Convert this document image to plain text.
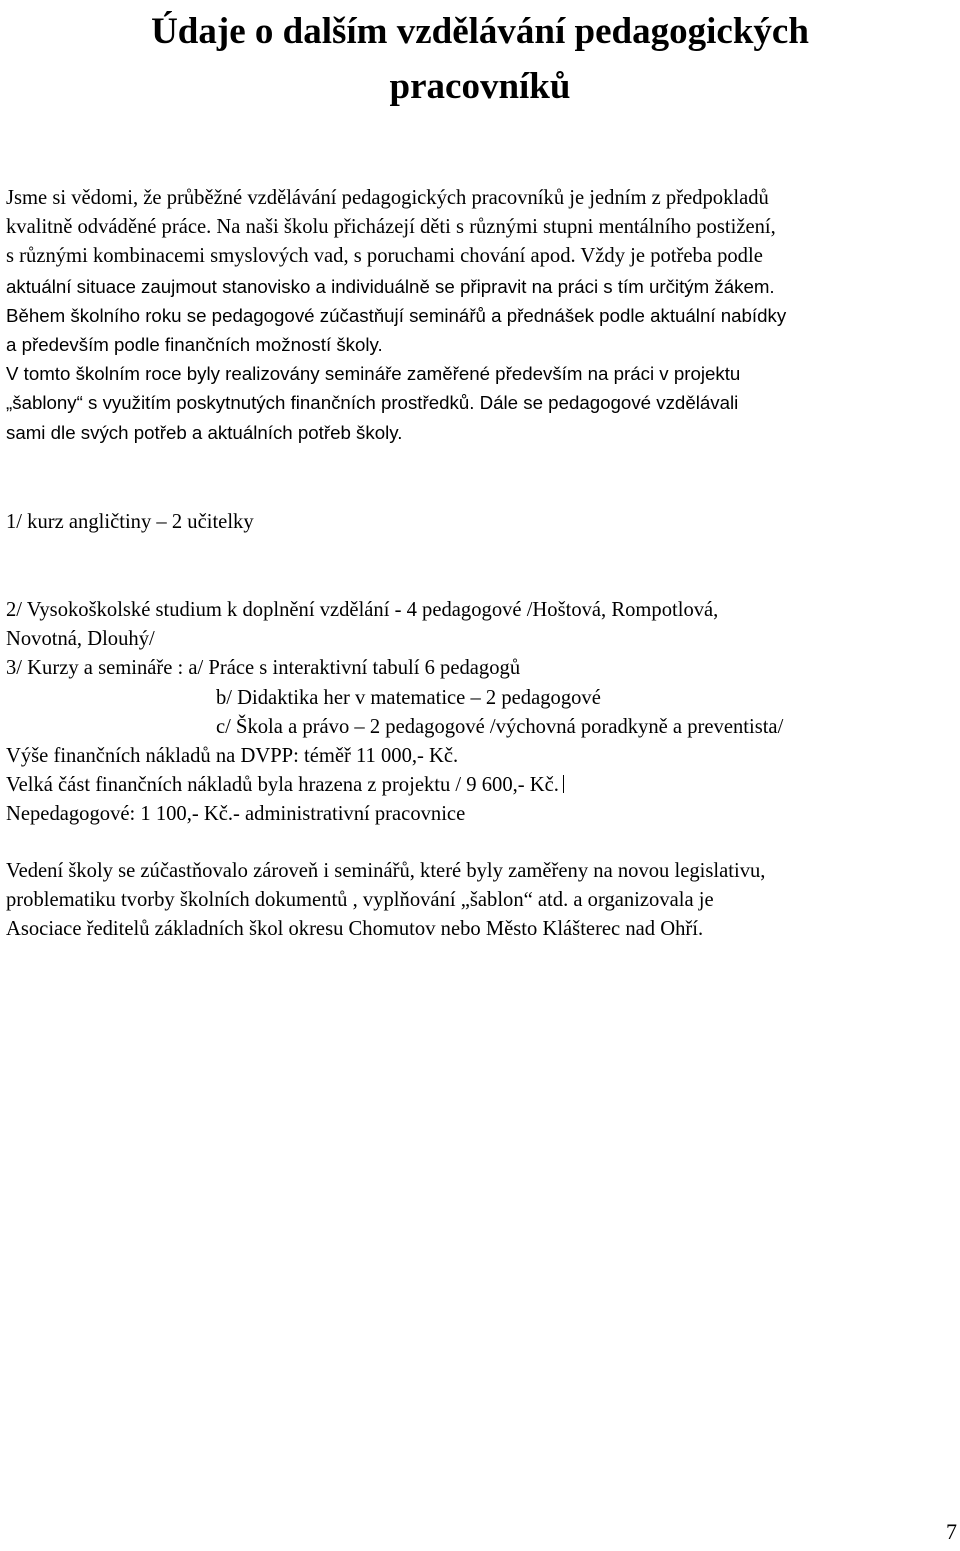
Údaje o dalším vzdělávání pedagogických
pracovníků
Jsme si vědomi, že průběžné vzdělávání pedagogických pracovníků je jedním z předpokladů
kvalitně odváděné práce. Na naši školu přicházejí děti s různými stupni mentálního postižení,
s různými kombinacemi smyslových vad, s poruchami chování apod. Vždy je potřeba podle
aktuální situace zaujmout stanovisko a individuálně se připravit na práci s tím určitým žákem.
Během školního roku se pedagogové zúčastňují seminářů a přednášek podle aktuální nabídky
a především podle finančních možností školy.
V tomto školním roce byly realizovány semináře zaměřené především na práci v projektu
„šablony“ s využitím poskytnutých finančních prostředků. Dále se pedagogové vzdělávali
sami dle svých potřeb a aktuálních potřeb školy.
1/ kurz angličtiny – 2 učitelky
2/ Vysokoškolské studium k doplnění vzdělání - 4 pedagogové /Hoštová, Rompotlová,
Novotná, Dlouhý/
3/ Kurzy a semináře : a/ Práce s interaktivní tabulí 6 pedagogů
b/ Didaktika her v matematice – 2 pedagogové
c/ Škola a právo – 2 pedagogové /výchovná poradkyně a preventista/
Výše finančních nákladů na DVPP: téměř 11 000,- Kč.
Velká část finančních nákladů byla hrazena z projektu / 9 600,- Kč.
Nepedagogové: 1 100,- Kč.- administrativní pracovnice
Vedení školy se zúčastňovalo zároveň i seminářů, které byly zaměřeny na novou legislativu,
problematiku tvorby školních dokumentů , vyplňování „šablon“ atd. a organizovala je
Asociace ředitelů základních škol okresu Chomutov nebo Město Klášterec nad Ohří.
7
